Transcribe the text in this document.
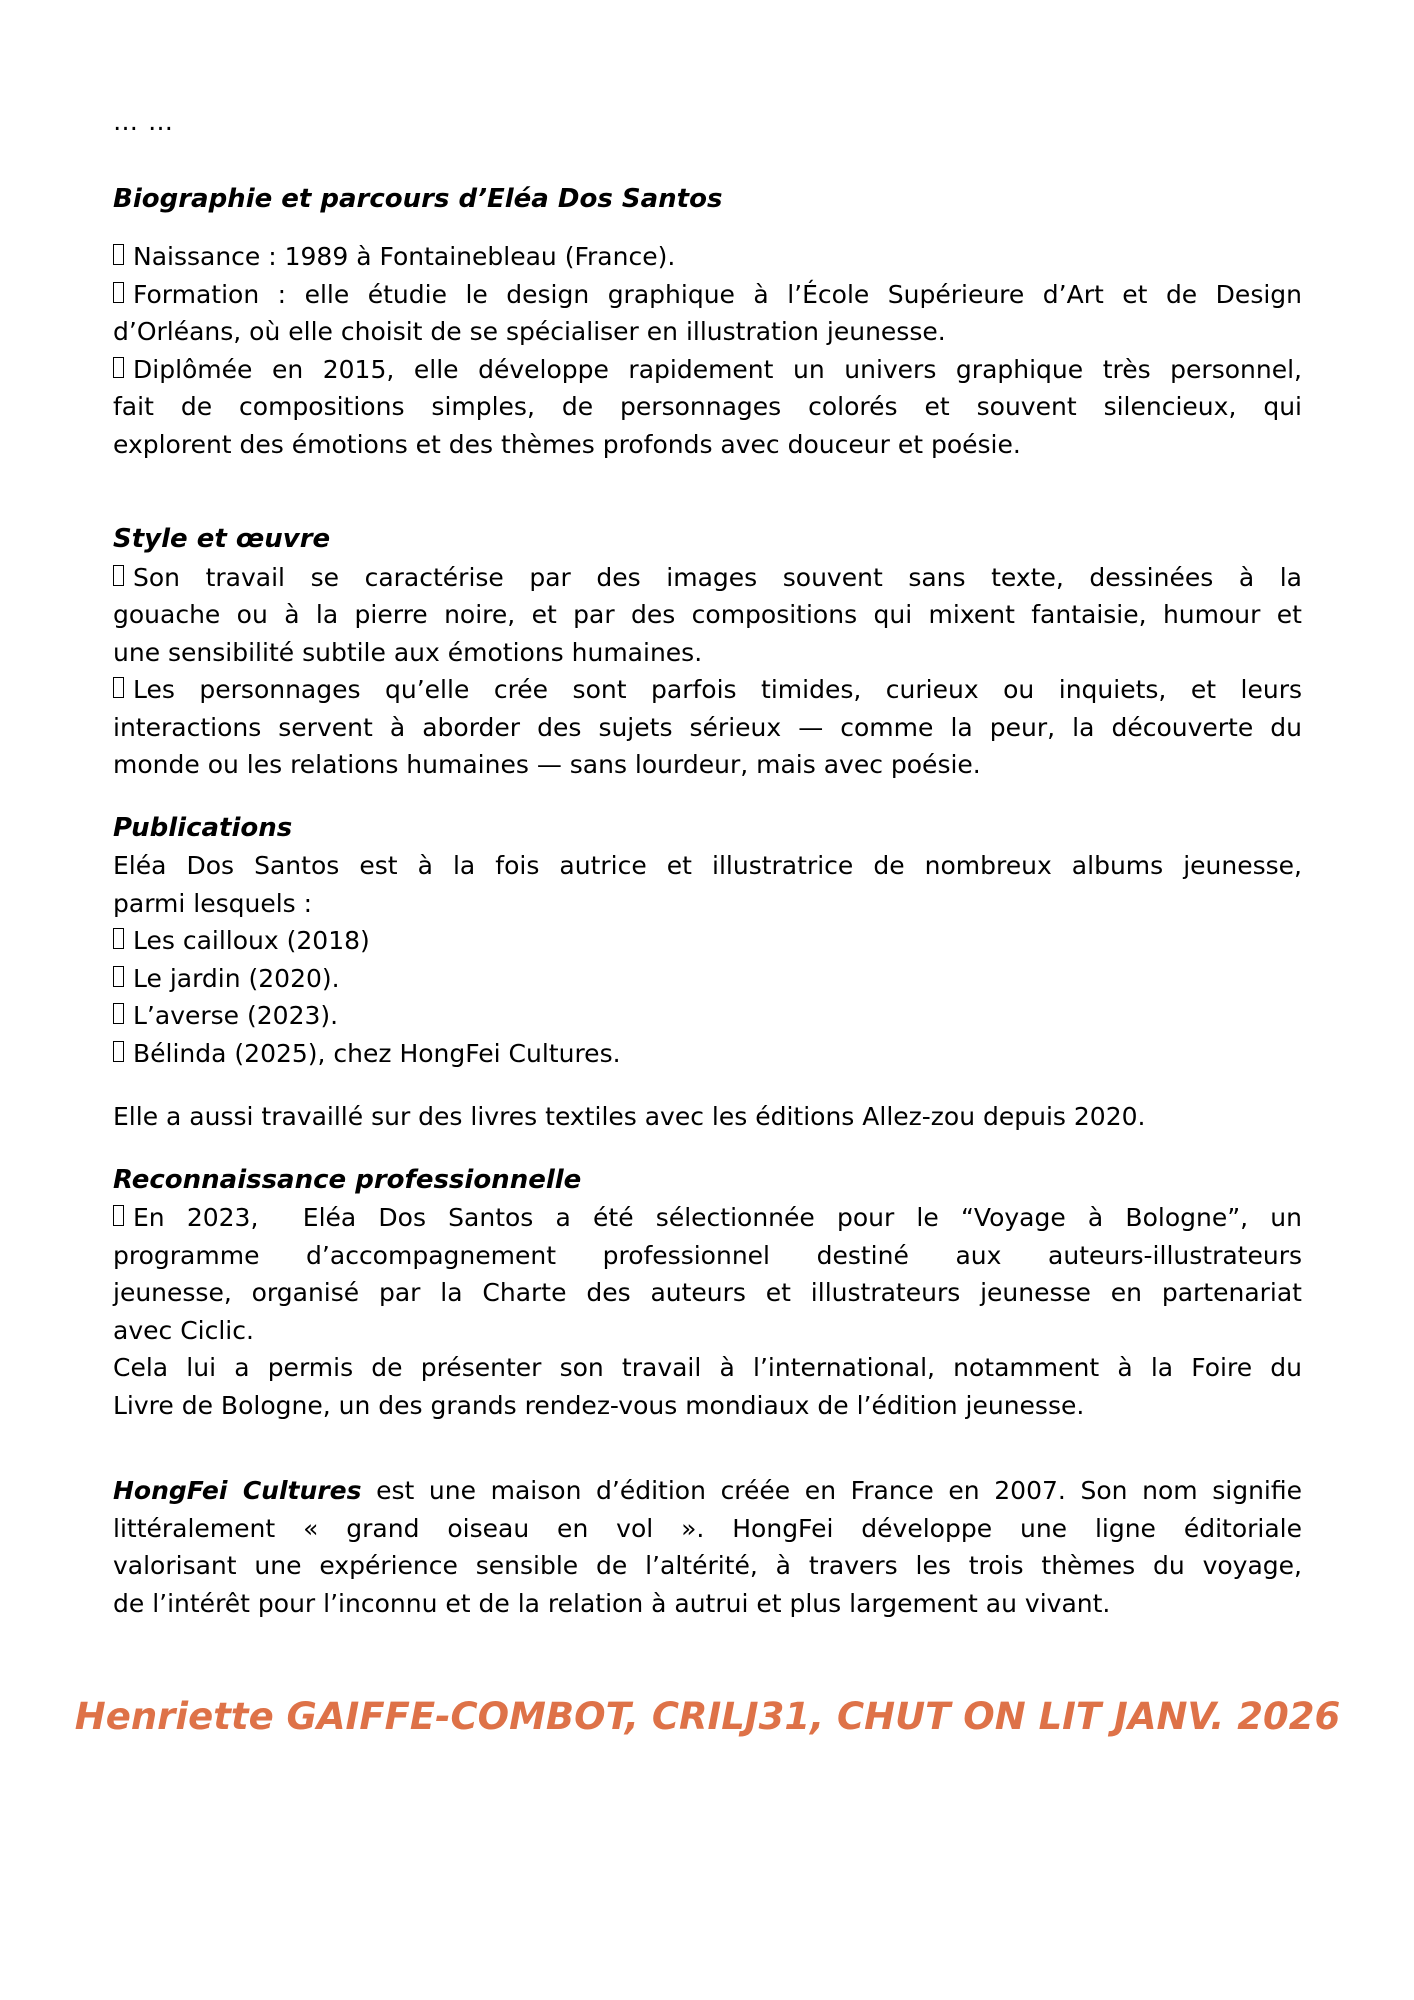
… …
Biographie et parcours d’Eléa Dos Santos
Naissance : 1989 à Fontainebleau (France).
Formation : elle étudie le design graphique à l’École Supérieure d’Art et de Design
d’Orléans, où elle choisit de se spécialiser en illustration jeunesse.
Diplômée en 2015, elle développe rapidement un univers graphique très personnel,
fait de compositions simples, de personnages colorés et souvent silencieux, qui
explorent des émotions et des thèmes profonds avec douceur et poésie.
Style et œuvre
Son travail se caractérise par des images souvent sans texte, dessinées à la
gouache ou à la pierre noire, et par des compositions qui mixent fantaisie, humour et
une sensibilité subtile aux émotions humaines.
Les personnages qu’elle crée sont parfois timides, curieux ou inquiets, et leurs
interactions servent à aborder des sujets sérieux — comme la peur, la découverte du
monde ou les relations humaines — sans lourdeur, mais avec poésie.
Publications
Eléa Dos Santos est à la fois autrice et illustratrice de nombreux albums jeunesse,
parmi lesquels :
Les cailloux (2018)
Le jardin (2020).
L’averse (2023).
Bélinda (2025), chez HongFei Cultures.
Elle a aussi travaillé sur des livres textiles avec les éditions Allez-zou depuis 2020.
Reconnaissance professionnelle
En 2023,  Eléa Dos Santos a été sélectionnée pour le “Voyage à Bologne”, un
programme d’accompagnement professionnel destiné aux auteurs-illustrateurs
jeunesse, organisé par la Charte des auteurs et illustrateurs jeunesse en partenariat
avec Ciclic.
Cela lui a permis de présenter son travail à l’international, notamment à la Foire du
Livre de Bologne, un des grands rendez-vous mondiaux de l’édition jeunesse.
HongFei Cultures est une maison d’édition créée en France en 2007. Son nom signifie
littéralement « grand oiseau en vol ». HongFei développe une ligne éditoriale
valorisant une expérience sensible de l’altérité, à travers les trois thèmes du voyage,
de l’intérêt pour l’inconnu et de la relation à autrui et plus largement au vivant.
Henriette GAIFFE-COMBOT, CRILJ31, CHUT ON LIT JANV. 2026
